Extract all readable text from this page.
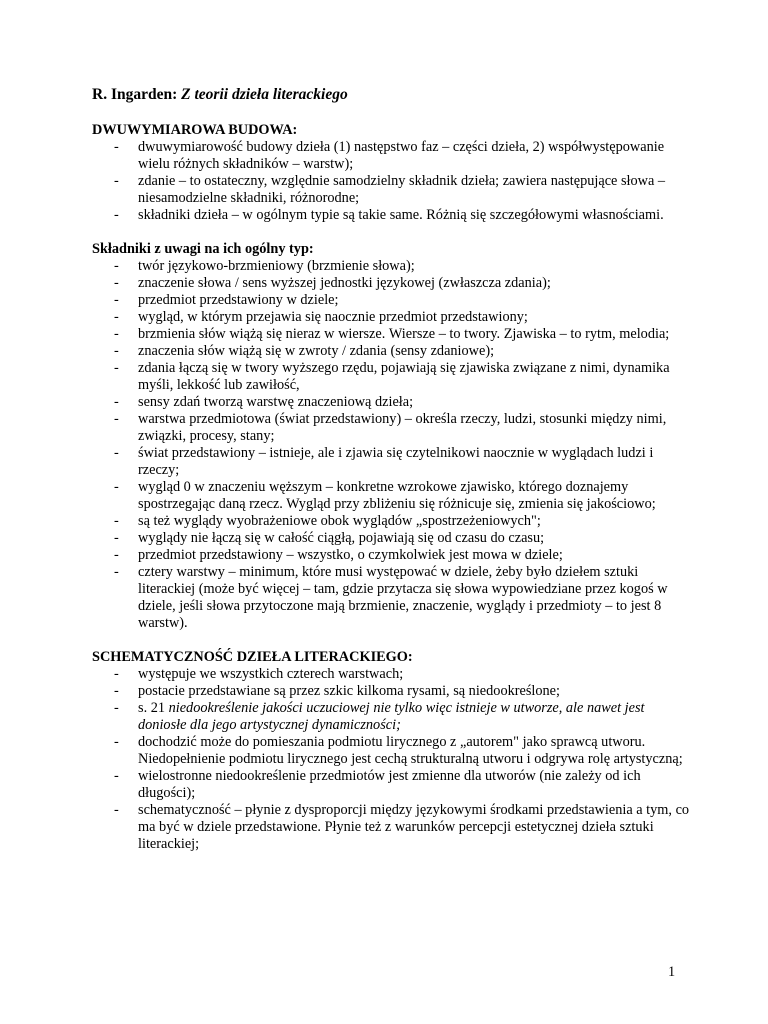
R. Ingarden: Z teorii dzieła literackiego

DWUWYMIAROWA BUDOWA:

- dwuwymiarowość budowy dzieła (1) następstwo faz – części dzieła, 2) współwystępowanie wielu różnych składników – warstw);
- zdanie – to ostateczny, względnie samodzielny składnik dzieła; zawiera następujące słowa – niesamodzielne składniki, różnorodne;
- składniki dzieła – w ogólnym typie są takie same. Różnią się szczegółowymi własnościami.

Składniki z uwagi na ich ogólny typ:

- twór językowo-brzmieniowy (brzmienie słowa);
- znaczenie słowa / sens wyższej jednostki językowej (zwłaszcza zdania);
- przedmiot przedstawiony w dziele;
- wygląd, w którym przejawia się naocznie przedmiot przedstawiony;
- brzmienia słów wiążą się nieraz w wierszе. Wiersze – to twory. Zjawiska – to rytm, melodia;
- znaczenia słów wiążą się w zwroty / zdania (sensy zdaniowe);
- zdania łączą się w twory wyższego rzędu, pojawiają się zjawiska związane z nimi, dynamika myśli, lekkość lub zawiłość,
- sensy zdań tworzą warstwę znaczeniową dzieła;
- warstwa przedmiotowa (świat przedstawiony) – określa rzeczy, ludzi, stosunki między nimi, związki, procesy, stany;
- świat przedstawiony – istnieje, ale i zjawia się czytelnikowi naocznie w wyglądach ludzi i rzeczy;
- wygląd 0 w znaczeniu węższym – konkretne wzrokowe zjawisko, którego doznajemy spostrzegając daną rzecz. Wygląd przy zbliżeniu się różnicuje się, zmienia się jakościowo;
- są też wyglądy wyobrażeniowe obok wyglądów „spostrzeżeniowych";
- wyglądy nie łączą się w całość ciągłą, pojawiają się od czasu do czasu;
- przedmiot przedstawiony – wszystko, o czymkolwiek jest mowa w dziele;
- cztery warstwy – minimum, które musi występować w dziele, żeby było dziełem sztuki literackiej (może być więcej – tam, gdzie przytacza się słowa wypowiedziane przez kogoś w dziele, jeśli słowa przytoczone mają brzmienie, znaczenie, wyglądy i przedmioty – to jest 8 warstw).

SCHEMATYCZNOŚĆ DZIEŁA LITERACKIEGO:

- występuje we wszystkich czterech warstwach;
- postacie przedstawiane są przez szkic kilkoma rysami, są niedookreślone;
- s. 21 niedookreślenie jakości uczuciowej nie tylko więc istnieje w utworze, ale nawet jest doniosłe dla jego artystycznej dynamiczności;
- dochodzić może do pomieszania podmiotu lirycznego z „autorem" jako sprawcą utworu. Niedopełnienie podmiotu lirycznego jest cechą strukturalną utworu i odgrywa rolę artystyczną;
- wielostronne niedookreślenie przedmiotów jest zmienne dla utworów (nie zależy od ich długości);
- schematyczność – płynie z dysproporcji między językowymi środkami przedstawienia a tym, co ma być w dziele przedstawione. Płynie też z warunków percepcji estetycznej dzieła sztuki literackiej;
1
